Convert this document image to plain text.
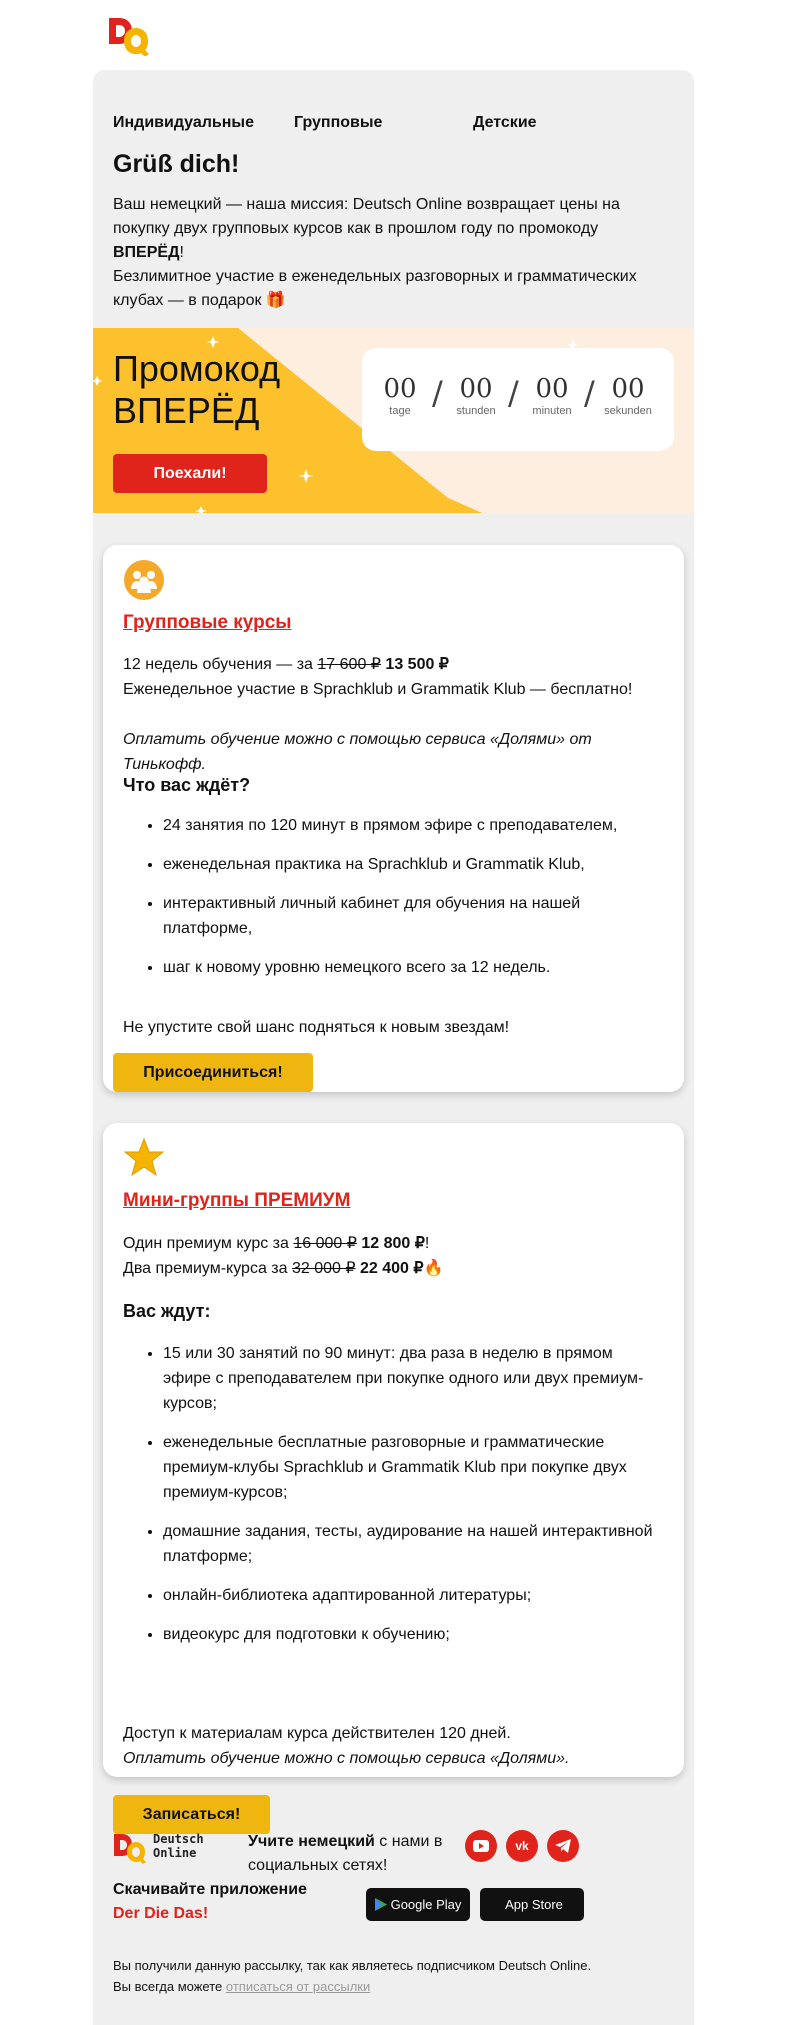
Индивидуальные	Групповые	Детские
Grüß dich!

Ваш немецкий — наша миссия: Deutsch Online возвращает цены на покупку двух групповых курсов как в прошлом году по промокоду ВПЕРЁД!
Безлимитное участие в еженедельных разговорных и грамматических клубах — в подарок 🎁

Промокод
ВПЕРЁД
Поехали!
00
tage / 00
stunden / 00
minuten / 00
sekunden
Групповые курсы
12 недель обучения — за 17 600 ₽ 13 500 ₽
Еженедельное участие в Sprachklub и Grammatik Klub — бесплатно!
Оплатить обучение можно с помощью сервиса «Долями» от Тинькофф.
Что вас ждёт?
• 24 занятия по 120 минут в прямом эфире с преподавателем,
• еженедельная практика на Sprachklub и Grammatik Klub,
• интерактивный личный кабинет для обучения на нашей платформе,
• шаг к новому уровню немецкого всего за 12 недель.
Не упустите свой шанс подняться к новым звездам!
Присоединиться!
Мини-группы ПРЕМИУМ
Один премиум курс за 16 000 ₽ 12 800 ₽!
Два премиум-курса за 32 000 ₽ 22 400 ₽🔥
Вас ждут:
• 15 или 30 занятий по 90 минут: два раза в неделю в прямом эфире с преподавателем при покупке одного или двух премиум-курсов;
• еженедельные бесплатные разговорные и грамматические премиум-клубы Sprachklub и Grammatik Klub при покупке двух премиум-курсов;
• домашние задания, тесты, аудирование на нашей интерактивной платформе;
• онлайн-библиотека адаптированной литературы;
• видеокурс для подготовки к обучению;
Доступ к материалам курса действителен 120 дней.
Оплатить обучение можно с помощью сервиса «Долями».
Записаться!
Deutsch
Online
Учите немецкий с нами в социальных сетях!
vk
Скачивайте приложение
Der Die Das!
Google Play	App Store
Вы получили данную рассылку, так как являетесь подписчиком Deutsch Online.
Вы всегда можете отписаться от рассылки
